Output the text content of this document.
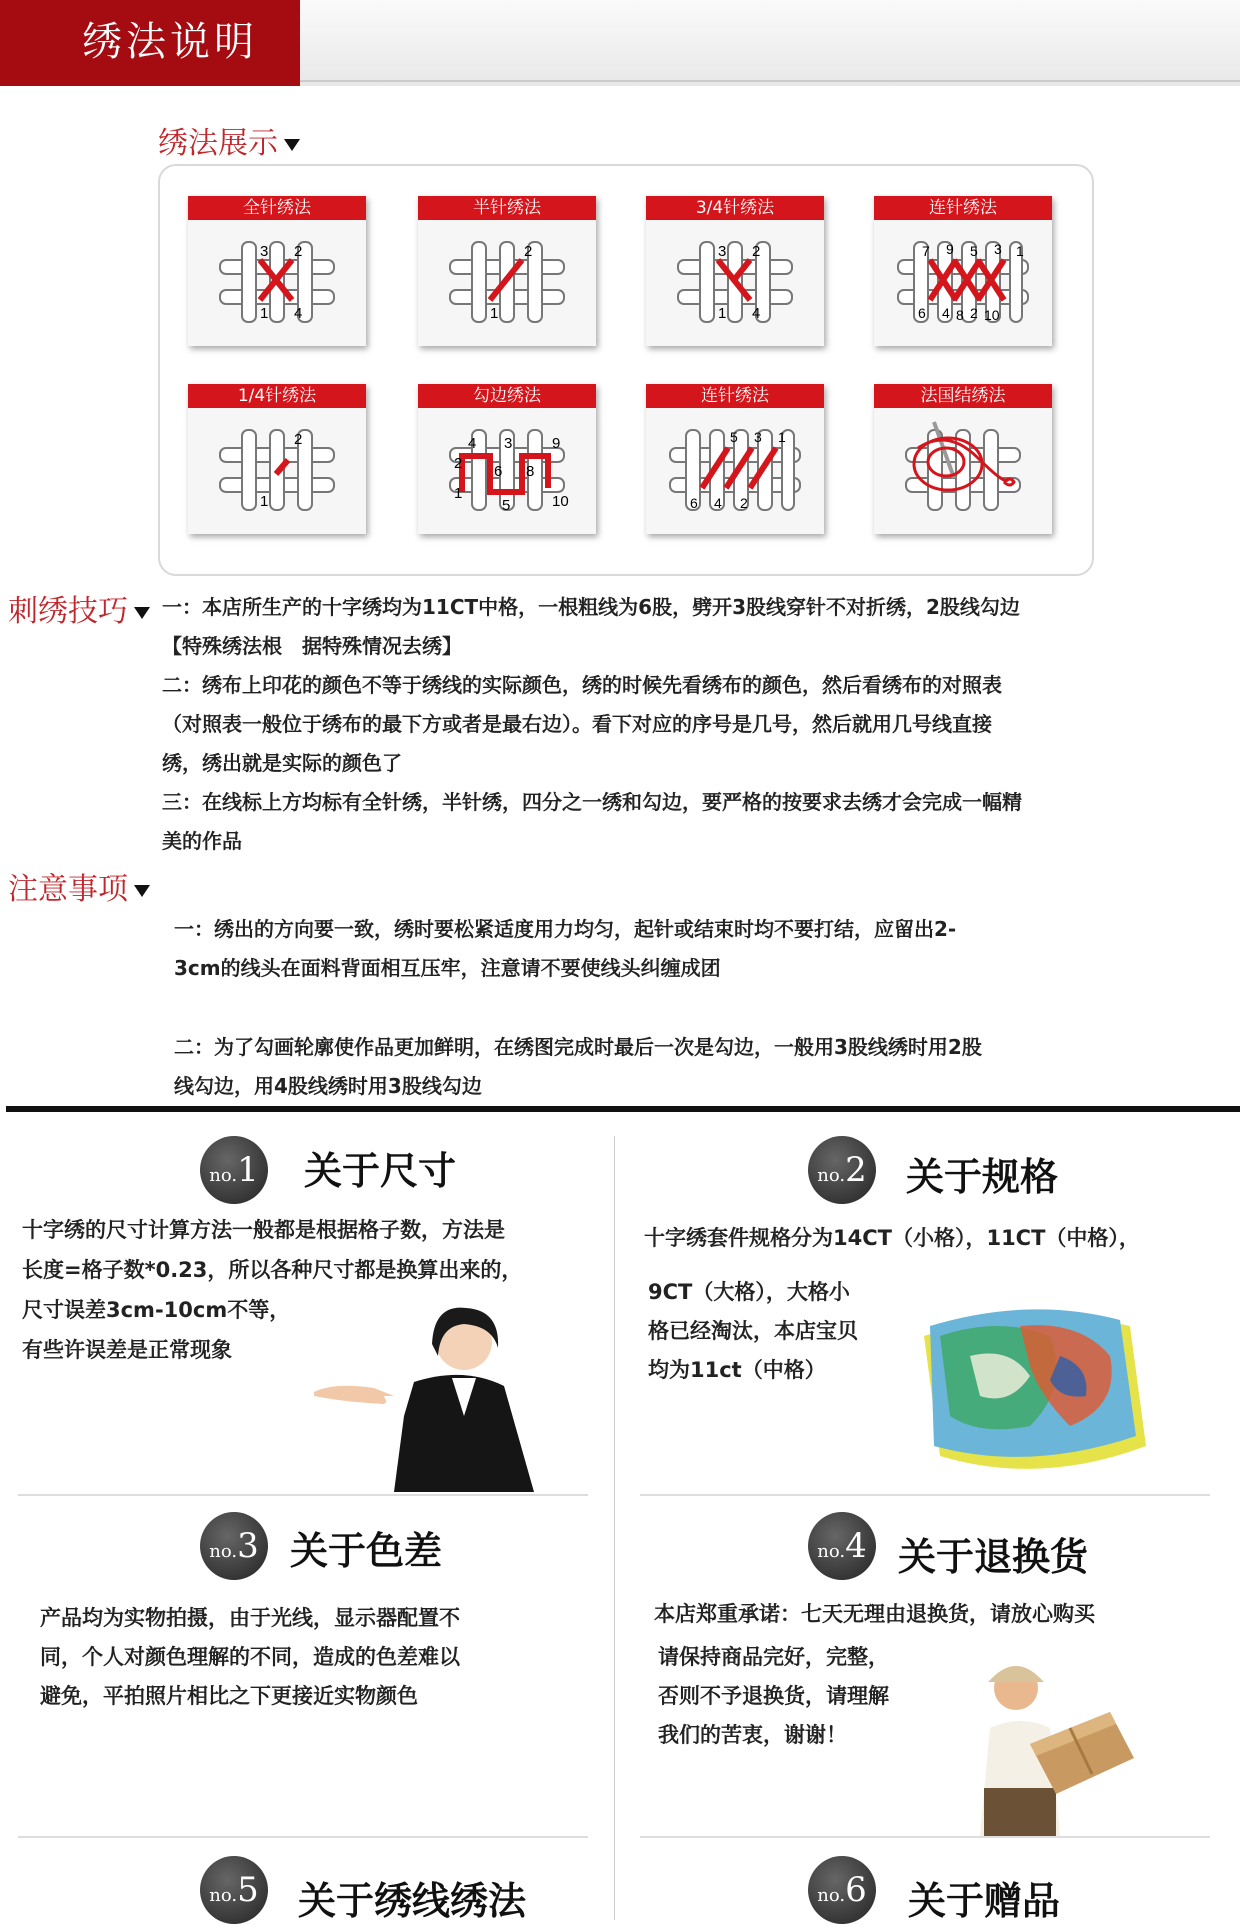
绣法说明
绣法展示
全针绣法
3 2
1 4
半针绣法
2
1
3/4针绣法
3 2
1 4
连针绣法
7 9 5 3 1
6 4 8 2 10
1/4针绣法
2
1
勾边绣法
2
4 3	9
1
6 8
5	10
连针绣法
5 3 1
6 4 2
法国结绣法
刺绣技巧	一：本店所生产的十字绣均为11CT中格，一根粗线为6股，劈开3股线穿针不对折绣，2股线勾边
【特殊绣法根　据特殊情况去绣】
二：绣布上印花的颜色不等于绣线的实际颜色，绣的时候先看绣布的颜色，然后看绣布的对照表
（对照表一般位于绣布的最下方或者是最右边）。看下对应的序号是几号，然后就用几号线直接
绣，绣出就是实际的颜色了
三：在线标上方均标有全针绣，半针绣，四分之一绣和勾边，要严格的按要求去绣才会完成一幅精
美的作品
注意事项
一：绣出的方向要一致，绣时要松紧适度用力均匀，起针或结束时均不要打结，应留出2-
3cm的线头在面料背面相互压牢，注意请不要使线头纠缠成团
二：为了勾画轮廓使作品更加鲜明，在绣图完成时最后一次是勾边，一般用3股线绣时用2股
线勾边，用4股线绣时用3股线勾边
no.1 关于尺寸
十字绣的尺寸计算方法一般都是根据格子数，方法是
长度=格子数*0.23，所以各种尺寸都是换算出来的，
尺寸误差3cm-10cm不等，
有些许误差是正常现象
no.2 关于规格
十字绣套件规格分为14CT（小格），11CT（中格），
9CT（大格），大格小
格已经淘汰，本店宝贝
均为11ct（中格）
no.3 关于色差
产品均为实物拍摄，由于光线，显示器配置不
同，个人对颜色理解的不同，造成的色差难以
避免，平拍照片相比之下更接近实物颜色
no.4 关于退换货
本店郑重承诺：七天无理由退换货，请放心购买
请保持商品完好，完整，
否则不予退换货，请理解
我们的苦衷，谢谢！
no.5 关于绣线绣法	no.6 关于赠品
